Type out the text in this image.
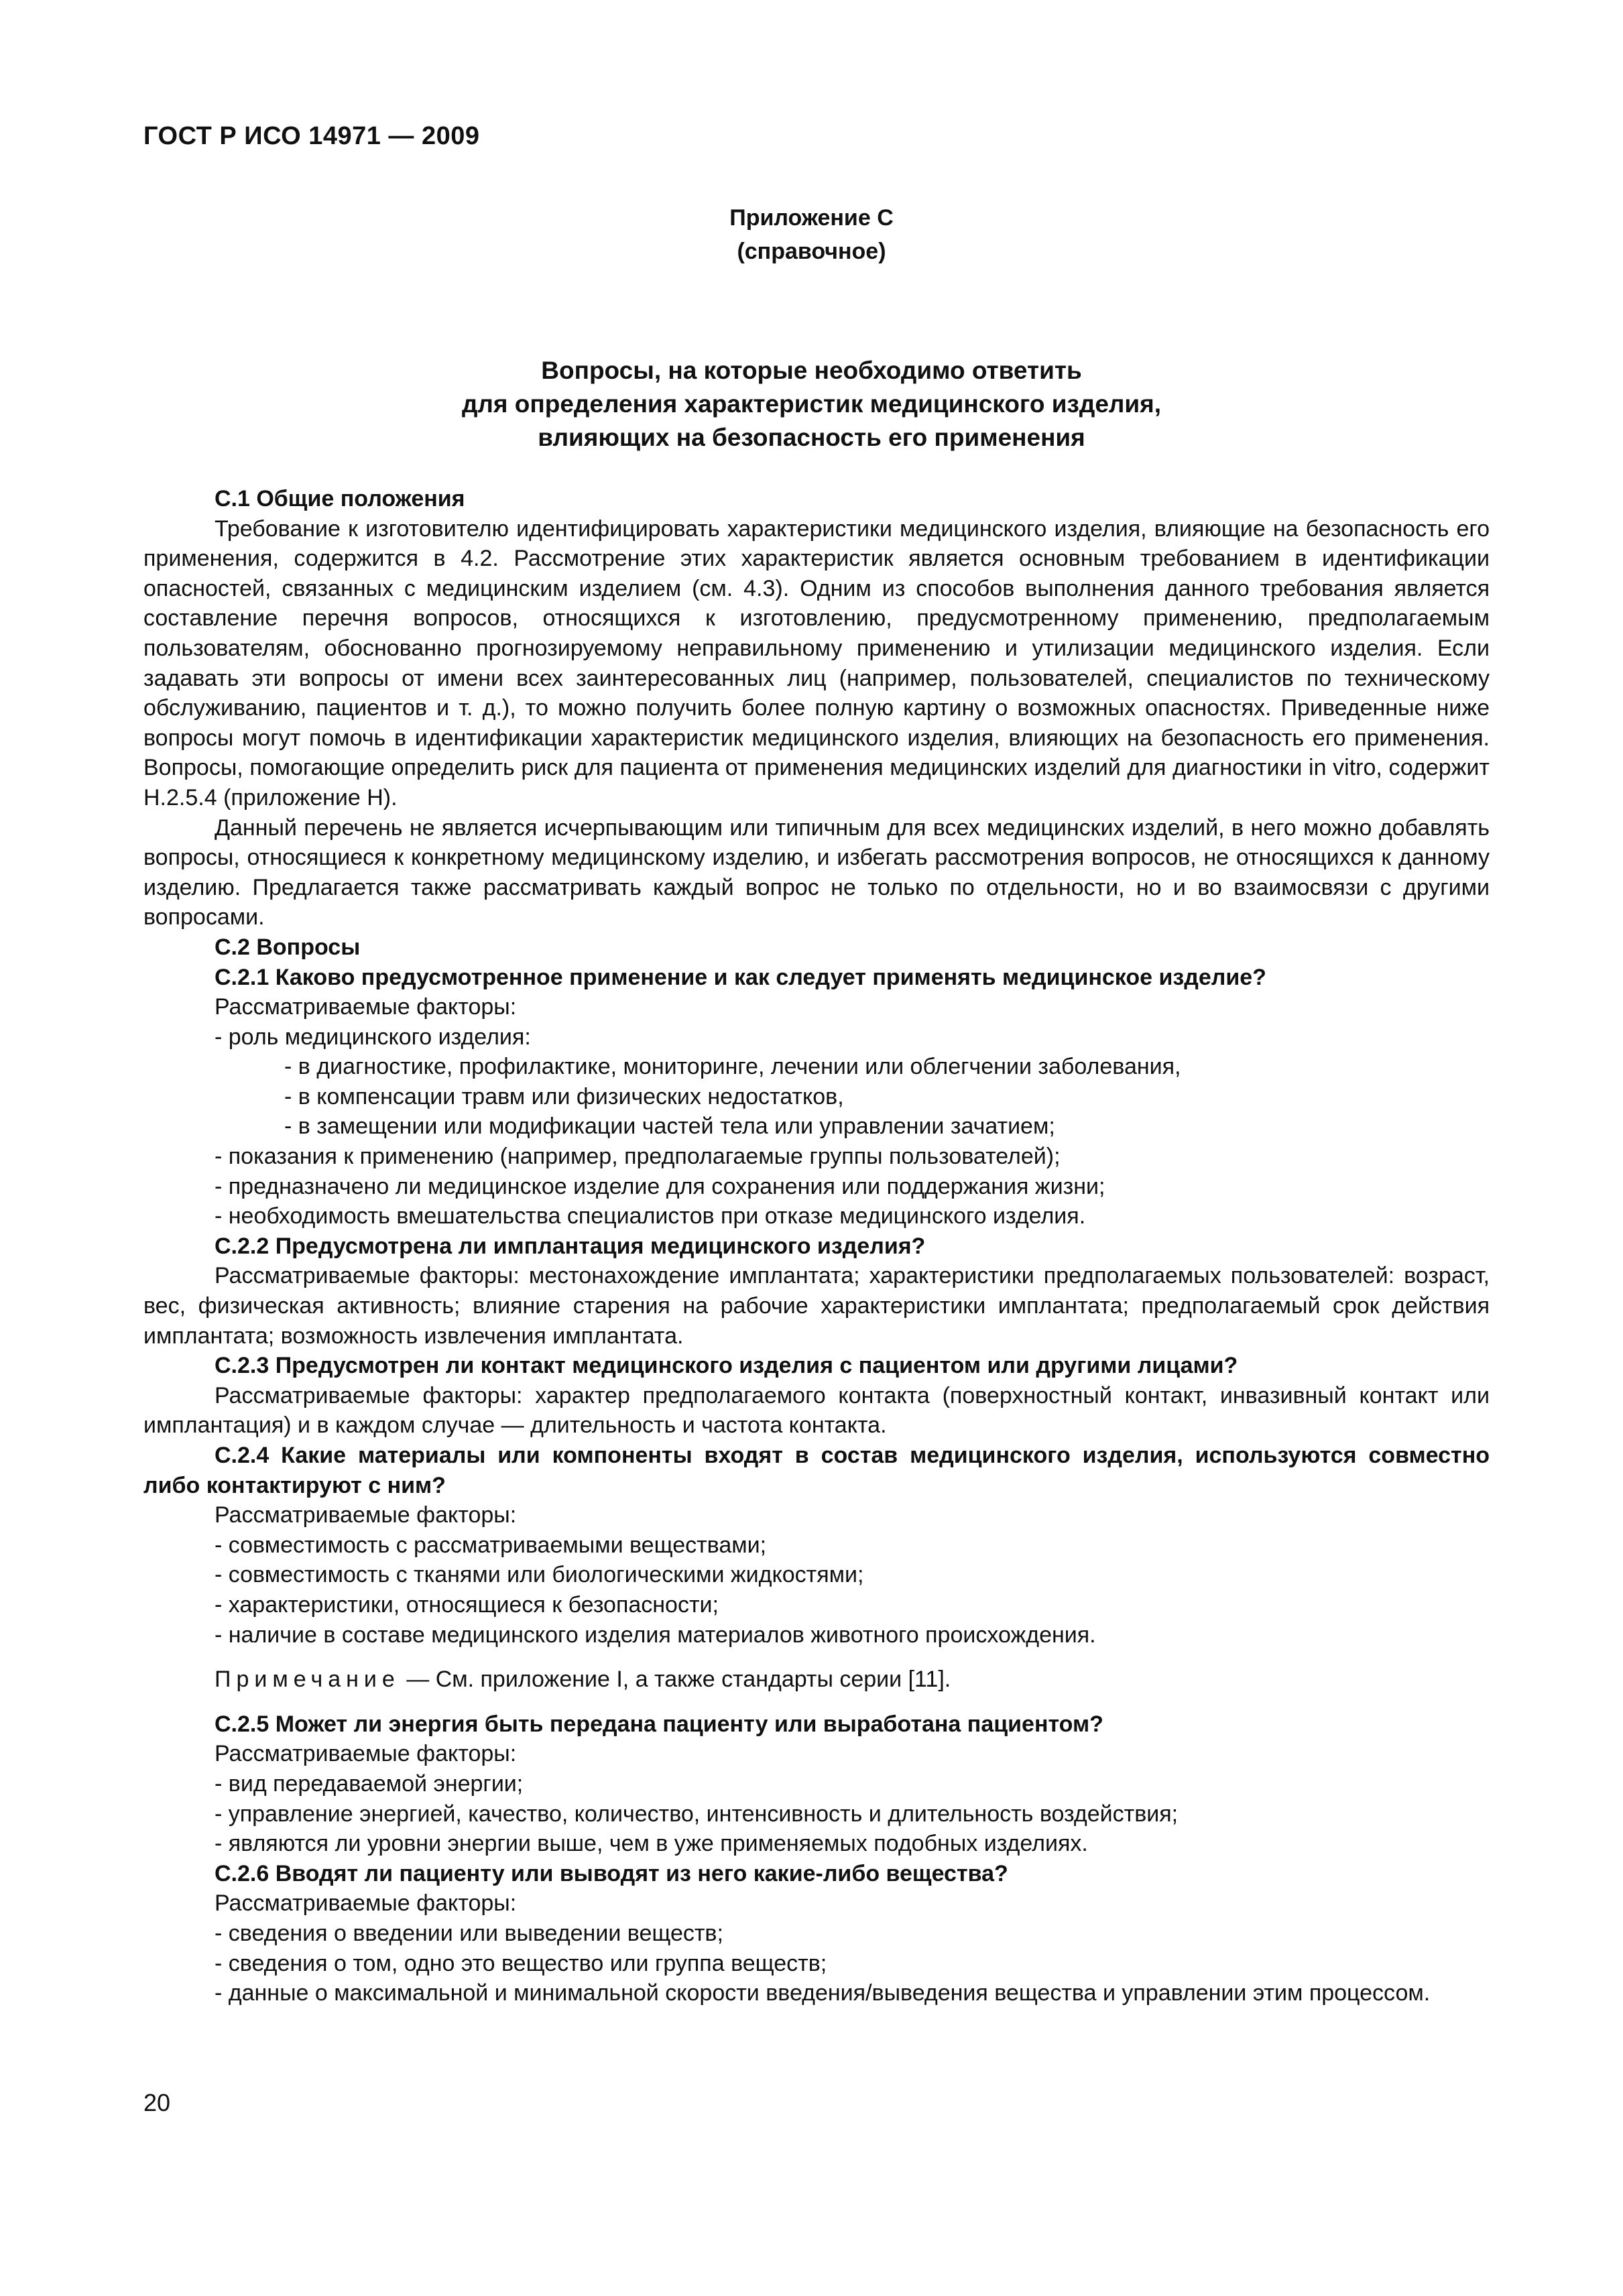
ГОСТ Р ИСО 14971 — 2009
Приложение C
(справочное)
Вопросы, на которые необходимо ответить
для определения характеристик медицинского изделия,
влияющих на безопасность его применения

С.1 Общие положения

Требование к изготовителю идентифицировать характеристики медицинского изделия, влияющие на безопасность его применения, содержится в 4.2. Рассмотрение этих характеристик является основным требованием в идентификации опасностей, связанных с медицинским изделием (см. 4.3). Одним из способов выполнения данного требования является составление перечня вопросов, относящихся к изготовлению, предусмотренному применению, предполагаемым пользователям, обоснованно прогнозируемому неправильному применению и утилизации медицинского изделия. Если задавать эти вопросы от имени всех заинтересованных лиц (например, пользователей, специалистов по техническому обслуживанию, пациентов и т. д.), то можно получить более полную картину о возможных опасностях. Приведенные ниже вопросы могут помочь в идентификации характеристик медицинского изделия, влияющих на безопасность его применения. Вопросы, помогающие определить риск для пациента от применения медицинских изделий для диагностики in vitro, содержит H.2.5.4 (приложение H).

Данный перечень не является исчерпывающим или типичным для всех медицинских изделий, в него можно добавлять вопросы, относящиеся к конкретному медицинскому изделию, и избегать рассмотрения вопросов, не относящихся к данному изделию. Предлагается также рассматривать каждый вопрос не только по отдельности, но и во взаимосвязи с другими вопросами.

С.2 Вопросы

С.2.1 Каково предусмотренное применение и как следует применять медицинское изделие?

Рассматриваемые факторы:

- роль медицинского изделия:

- в диагностике, профилактике, мониторинге, лечении или облегчении заболевания,

- в компенсации травм или физических недостатков,

- в замещении или модификации частей тела или управлении зачатием;

- показания к применению (например, предполагаемые группы пользователей);

- предназначено ли медицинское изделие для сохранения или поддержания жизни;

- необходимость вмешательства специалистов при отказе медицинского изделия.

С.2.2 Предусмотрена ли имплантация медицинского изделия?

Рассматриваемые факторы: местонахождение имплантата; характеристики предполагаемых пользователей: возраст, вес, физическая активность; влияние старения на рабочие характеристики имплантата; предполагаемый срок действия имплантата; возможность извлечения имплантата.

С.2.3 Предусмотрен ли контакт медицинского изделия с пациентом или другими лицами?

Рассматриваемые факторы: характер предполагаемого контакта (поверхностный контакт, инвазивный контакт или имплантация) и в каждом случае — длительность и частота контакта.

С.2.4 Какие материалы или компоненты входят в состав медицинского изделия, используются совместно либо контактируют с ним?

Рассматриваемые факторы:

- совместимость с рассматриваемыми веществами;

- совместимость с тканями или биологическими жидкостями;

- характеристики, относящиеся к безопасности;

- наличие в составе медицинского изделия материалов животного происхождения.

Примечание — См. приложение I, а также стандарты серии [11].

С.2.5 Может ли энергия быть передана пациенту или выработана пациентом?

Рассматриваемые факторы:

- вид передаваемой энергии;

- управление энергией, качество, количество, интенсивность и длительность воздействия;

- являются ли уровни энергии выше, чем в уже применяемых подобных изделиях.

С.2.6 Вводят ли пациенту или выводят из него какие-либо вещества?

Рассматриваемые факторы:

- сведения о введении или выведении веществ;

- сведения о том, одно это вещество или группа веществ;

- данные о максимальной и минимальной скорости введения/выведения вещества и управлении этим процессом.

20
